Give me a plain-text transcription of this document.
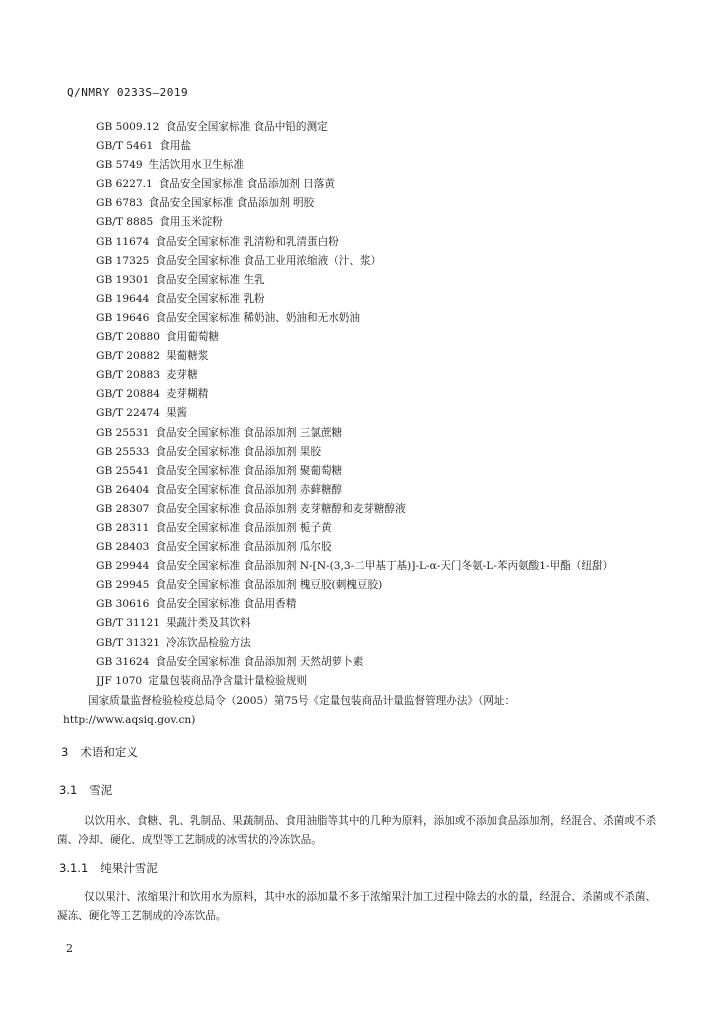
Q/NMRY 0233S—2019
GB 5009.12 食品安全国家标准 食品中铅的测定
GB/T 5461 食用盐
GB 5749 生活饮用水卫生标准
GB 6227.1 食品安全国家标准 食品添加剂 日落黄
GB 6783 食品安全国家标准 食品添加剂 明胶
GB/T 8885 食用玉米淀粉
GB 11674 食品安全国家标准 乳清粉和乳清蛋白粉
GB 17325 食品安全国家标准 食品工业用浓缩液（汁、浆）
GB 19301 食品安全国家标准 生乳
GB 19644 食品安全国家标准 乳粉
GB 19646 食品安全国家标准 稀奶油、奶油和无水奶油
GB/T 20880 食用葡萄糖
GB/T 20882 果葡糖浆
GB/T 20883 麦芽糖
GB/T 20884 麦芽糊精
GB/T 22474 果酱
GB 25531 食品安全国家标准 食品添加剂 三氯蔗糖
GB 25533 食品安全国家标准 食品添加剂 果胶
GB 25541 食品安全国家标准 食品添加剂 聚葡萄糖
GB 26404 食品安全国家标准 食品添加剂 赤藓糖醇
GB 28307 食品安全国家标准 食品添加剂 麦芽糖醇和麦芽糖醇液
GB 28311 食品安全国家标准 食品添加剂 栀子黄
GB 28403 食品安全国家标准 食品添加剂 瓜尔胶
GB 29944 食品安全国家标准 食品添加剂 N-[N-(3,3-二甲基丁基)]-L-α-天门冬氨-L-苯丙氨酸1-甲酯（纽甜）
GB 29945 食品安全国家标准 食品添加剂 槐豆胶(刺槐豆胶)
GB 30616 食品安全国家标准 食品用香精
GB/T 31121 果蔬汁类及其饮料
GB/T 31321 冷冻饮品检验方法
GB 31624 食品安全国家标准 食品添加剂 天然胡萝卜素
JJF 1070 定量包装商品净含量计量检验规则
国家质量监督检验检疫总局令（2005）第75号《定量包装商品计量监督管理办法》（网址：
http://www.aqsiq.gov.cn)
3 术语和定义
3.1 雪泥
以饮用水、食糖、乳、乳制品、果蔬制品、食用油脂等其中的几种为原料，添加或不添加食品添加剂，经混合、杀菌或不杀菌、冷却、硬化、成型等工艺制成的冰雪状的冷冻饮品。
3.1.1 纯果汁雪泥
仅以果汁、浓缩果汁和饮用水为原料，其中水的添加量不多于浓缩果汁加工过程中除去的水的量，经混合、杀菌或不杀菌、凝冻、硬化等工艺制成的冷冻饮品。
2
